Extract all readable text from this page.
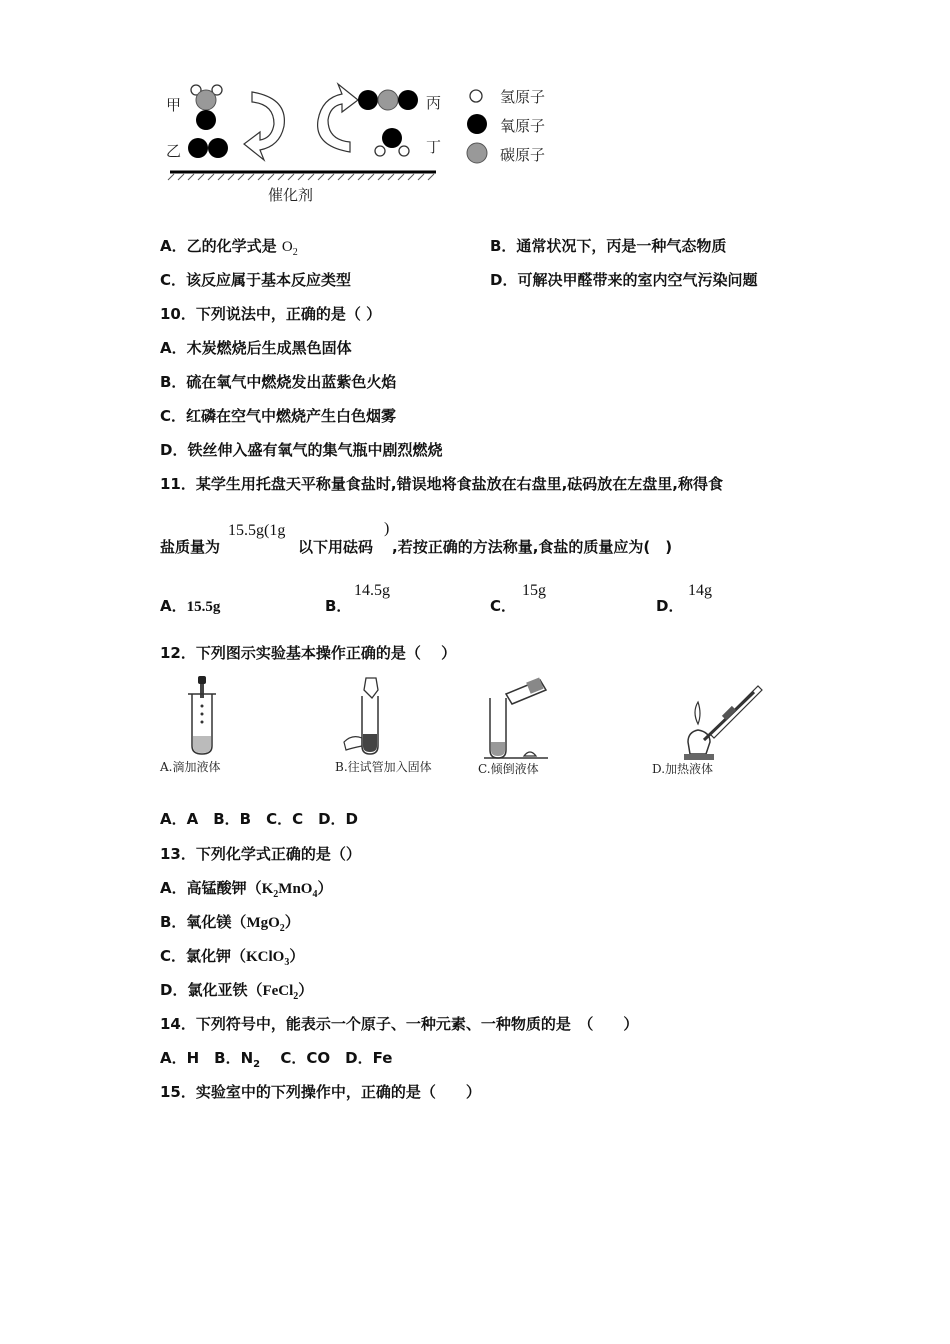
甲
乙
丙
丁
催化剂
氢原子
氧原子
碳原子
A．乙的化学式是 $O_2$	B．通常状况下，丙是一种气态物质
C．该反应属于基本反应类型	D．可解决甲醛带来的室内空气污染问题
10．下列说法中，正确的是（ ）
A．木炭燃烧后生成黑色固体
B．硫在氧气中燃烧发出蓝紫色火焰
C．红磷在空气中燃烧产生白色烟雾
D．铁丝伸入盛有氧气的集气瓶中剧烈燃烧
11．某学生用托盘天平称量食盐时,错误地将食盐放在右盘里,砝码放在左盘里,称得食
盐质量为
15.5g(1g
以下用砝码
)
,若按正确的方法称量,食盐的质量应为(　)
A．15.5g	B．
14.5g
C．
15g
D．
14g
12．下列图示实验基本操作正确的是（　 ）
A.滴加液体	B.往试管加入固体	C.倾倒液体	D.加热液体
A．A　B．B　C．C　D．D
13．下列化学式正确的是（）
A．高锰酸钾$(K_2MnO_4)$
B．氧化镁（MgO$_2$）
C．氯化钾（KClO$_3$）
D．氯化亚铁（FeCl$_2$）
14．下列符号中，能表示一个原子、一种元素、一种物质的是　（　　）
A．H　B．$N_2$　 C．CO　D．Fe
15．实验室中的下列操作中，正确的是（　　）
